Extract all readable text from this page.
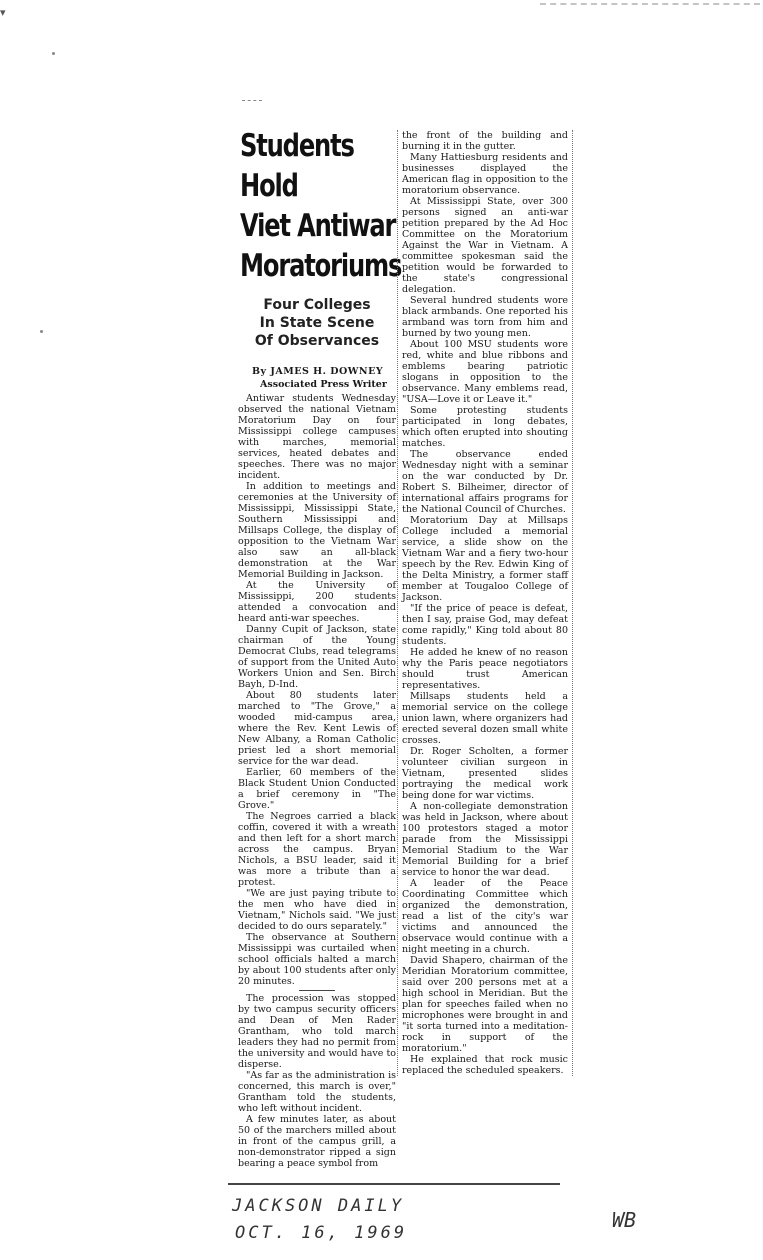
▾
Students Hold
Viet Antiwar
Moratoriums
Four Colleges
In State Scene
Of Observances
By JAMES H. DOWNEY
Associated Press Writer

Antiwar students Wednesday observed the national Vietnam Moratorium Day on four Mississippi college campuses with marches, memorial services, heated debates and speeches. There was no major incident.

In addition to meetings and ceremonies at the University of Mississippi, Mississippi State, Southern Mississippi and Millsaps College, the display of opposition to the Vietnam War also saw an all-black demonstration at the War Memorial Building in Jackson.

At the University of Mississippi, 200 students attended a convocation and heard anti-war speeches.

Danny Cupit of Jackson, state chairman of the Young Democrat Clubs, read telegrams of support from the United Auto Workers Union and Sen. Birch Bayh, D-Ind.

About 80 students later marched to "The Grove," a wooded mid-campus area, where the Rev. Kent Lewis of New Albany, a Roman Catholic priest led a short memorial service for the war dead.

Earlier, 60 members of the Black Student Union Conducted a brief ceremony in "The Grove."

The Negroes carried a black coffin, covered it with a wreath and then left for a short march across the campus. Bryan Nichols, a BSU leader, said it was more a tribute than a protest.

"We are just paying tribute to the men who have died in Vietnam," Nichols said. "We just decided to do ours separately."

The observance at Southern Mississippi was curtailed when school officials halted a march by about 100 students after only 20 minutes.

The procession was stopped by two campus security officers and Dean of Men Rader Grantham, who told march leaders they had no permit from the university and would have to disperse.

"As far as the administration is concerned, this march is over," Grantham told the students, who left without incident.

A few minutes later, as about 50 of the marchers milled about in front of the campus grill, a non-demonstrator ripped a sign bearing a peace symbol from

the front of the building and burning it in the gutter.

Many Hattiesburg residents and businesses displayed the American flag in opposition to the moratorium observance.

At Mississippi State, over 300 persons signed an anti-war petition prepared by the Ad Hoc Committee on the Moratorium Against the War in Vietnam. A committee spokesman said the petition would be forwarded to the state's congressional delegation.

Several hundred students wore black armbands. One reported his armband was torn from him and burned by two young men.

About 100 MSU students wore red, white and blue ribbons and emblems bearing patriotic slogans in opposition to the observance. Many emblems read, "USA—Love it or Leave it."

Some protesting students participated in long debates, which often erupted into shouting matches.

The observance ended Wednesday night with a seminar on the war conducted by Dr. Robert S. Bilheimer, director of international affairs programs for the National Council of Churches.

Moratorium Day at Millsaps College included a memorial service, a slide show on the Vietnam War and a fiery two-hour speech by the Rev. Edwin King of the Delta Ministry, a former staff member at Tougaloo College of Jackson.

"If the price of peace is defeat, then I say, praise God, may defeat come rapidly," King told about 80 students.

He added he knew of no reason why the Paris peace negotiators should trust American representatives.

Millsaps students held a memorial service on the college union lawn, where organizers had erected several dozen small white crosses.

Dr. Roger Scholten, a former volunteer civilian surgeon in Vietnam, presented slides portraying the medical work being done for war victims.

A non-collegiate demonstration was held in Jackson, where about 100 protestors staged a motor parade from the Mississippi Memorial Stadium to the War Memorial Building for a brief service to honor the war dead.

A leader of the Peace Coordinating Committee which organized the demonstration, read a list of the city's war victims and announced the observace would continue with a night meeting in a church.

David Shapero, chairman of the Meridian Moratorium committee, said over 200 persons met at a high school in Meridian. But the plan for speeches failed when no microphones were brought in and "it sorta turned into a meditation-rock in support of the moratorium."

He explained that rock music replaced the scheduled speakers.

JACKSON DAILY
OCT. 16, 1969
WB
